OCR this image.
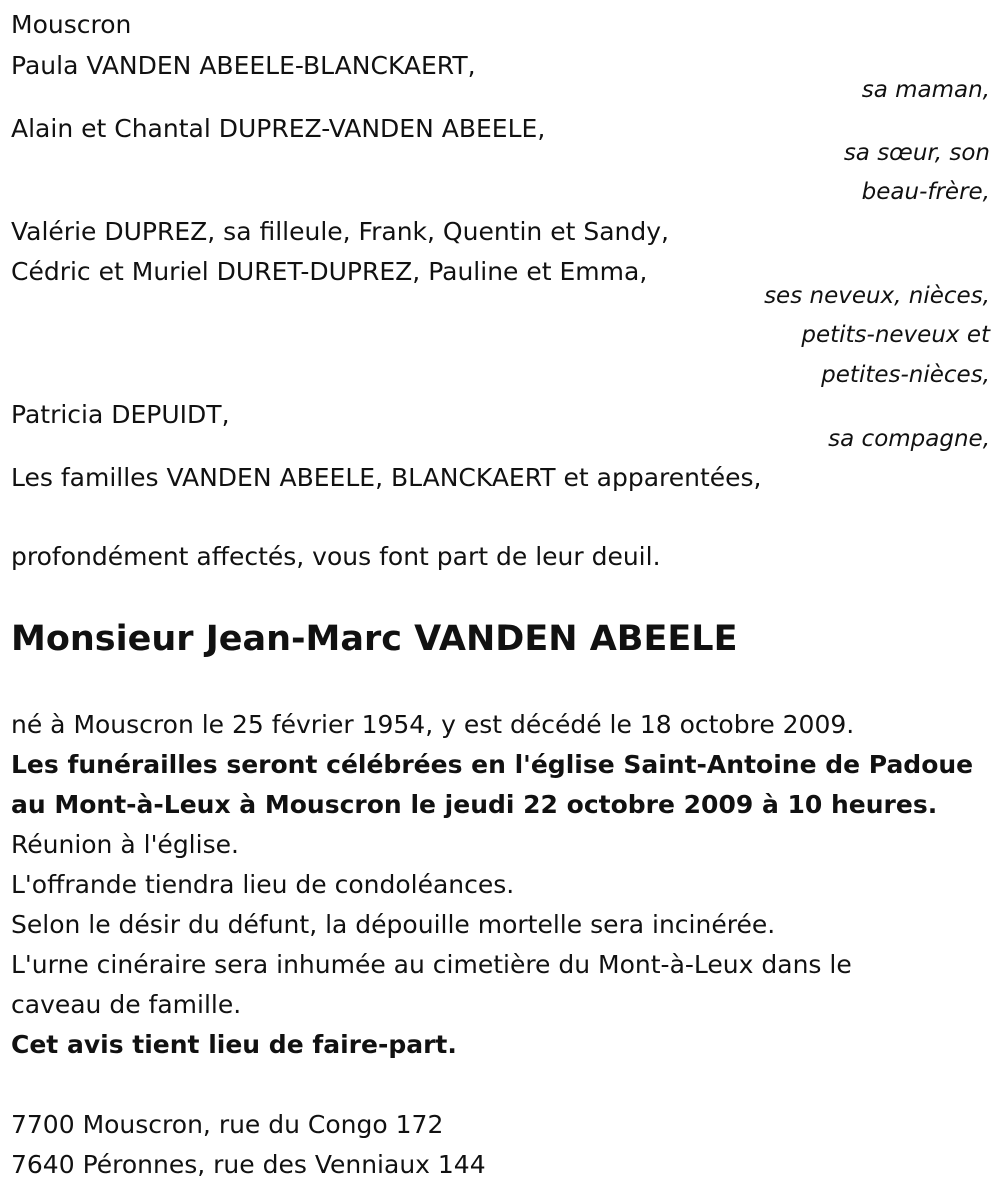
Mouscron
Paula VANDEN ABEELE-BLANCKAERT,
sa maman,
Alain et Chantal DUPREZ-VANDEN ABEELE,
sa sœur, son
beau-frère,
Valérie DUPREZ, sa filleule, Frank, Quentin et Sandy,
Cédric et Muriel DURET-DUPREZ, Pauline et Emma,
ses neveux, nièces,
petits-neveux et
petites-nièces,
Patricia DEPUIDT,
sa compagne,
Les familles VANDEN ABEELE, BLANCKAERT et apparentées,
profondément affectés, vous font part de leur deuil.
Monsieur Jean-Marc VANDEN ABEELE
né à Mouscron le 25 février 1954, y est décédé le 18 octobre 2009.
Les funérailles seront célébrées en l'église Saint-Antoine de Padoue
au Mont-à-Leux à Mouscron le jeudi 22 octobre 2009 à 10 heures.
Réunion à l'église.
L'offrande tiendra lieu de condoléances.
Selon le désir du défunt, la dépouille mortelle sera incinérée.
L'urne cinéraire sera inhumée au cimetière du Mont-à-Leux dans le
caveau de famille.
Cet avis tient lieu de faire-part.
7700 Mouscron, rue du Congo 172
7640 Péronnes, rue des Venniaux 144
